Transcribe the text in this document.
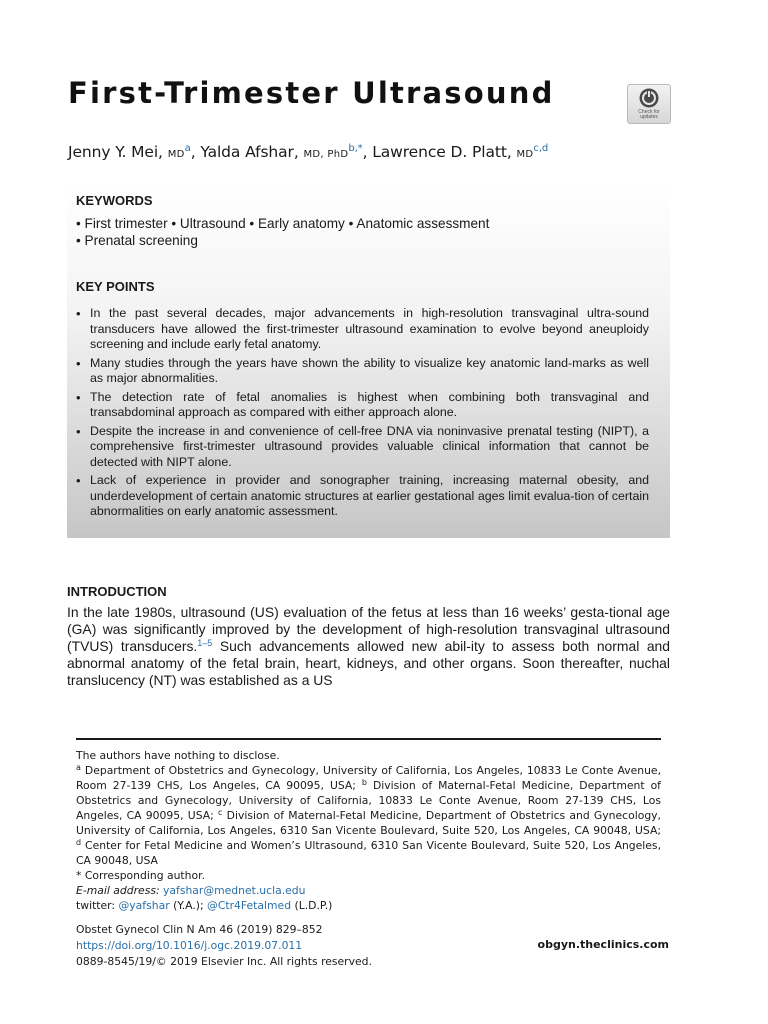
First-Trimester Ultrasound
Check for updates
Jenny Y. Mei, $MD^a$, Yalda Afshar, MD, PhD$^{b,*}$, Lawrence D. Platt, MD$^{c,d}$
KEYWORDS
• First trimester • Ultrasound • Early anatomy • Anatomic assessment
• Prenatal screening
KEY POINTS
• In the past several decades, major advancements in high-resolution transvaginal ultra-sound transducers have allowed the first-trimester ultrasound examination to evolve beyond aneuploidy screening and include early fetal anatomy.
• Many studies through the years have shown the ability to visualize key anatomic land-marks as well as major abnormalities.
• The detection rate of fetal anomalies is highest when combining both transvaginal and transabdominal approach as compared with either approach alone.
• Despite the increase in and convenience of cell-free DNA via noninvasive prenatal testing (NIPT), a comprehensive first-trimester ultrasound provides valuable clinical information that cannot be detected with NIPT alone.
• Lack of experience in provider and sonographer training, increasing maternal obesity, and underdevelopment of certain anatomic structures at earlier gestational ages limit evalua-tion of certain abnormalities on early anatomic assessment.
INTRODUCTION

In the late 1980s, ultrasound (US) evaluation of the fetus at less than 16 weeks’ gesta-tional age (GA) was significantly improved by the development of high-resolution transvaginal ultrasound (TVUS) transducers.$^{1-5}$ Such advancements allowed new abil-ity to assess both normal and abnormal anatomy of the fetal brain, heart, kidneys, and other organs. Soon thereafter, nuchal translucency (NT) was established as a US

The authors have nothing to disclose.

$^a$ Department of Obstetrics and Gynecology, University of California, Los Angeles, 10833 Le Conte Avenue, Room 27-139 CHS, Los Angeles, CA 90095, USA; $^b$ Division of Maternal-Fetal Medicine, Department of Obstetrics and Gynecology, University of California, 10833 Le Conte Avenue, Room 27-139 CHS, Los Angeles, CA 90095, USA; $^c$ Division of Maternal-Fetal Medicine, Department of Obstetrics and Gynecology, University of California, Los Angeles, 6310 San Vicente Boulevard, Suite 520, Los Angeles, CA 90048, USA; $^d$ Center for Fetal Medicine and Women’s Ultrasound, 6310 San Vicente Boulevard, Suite 520, Los Angeles, CA 90048, USA

* Corresponding author.

E-mail address: yafshar@mednet.ucla.edu

twitter: @yafshar (Y.A.); @Ctr4Fetalmed (L.D.P.)

Obstet Gynecol Clin N Am 46 (2019) 829–852

https://doi.org/10.1016/j.ogc.2019.07.011

0889-8545/19/© 2019 Elsevier Inc. All rights reserved.

obgyn.theclinics.com
